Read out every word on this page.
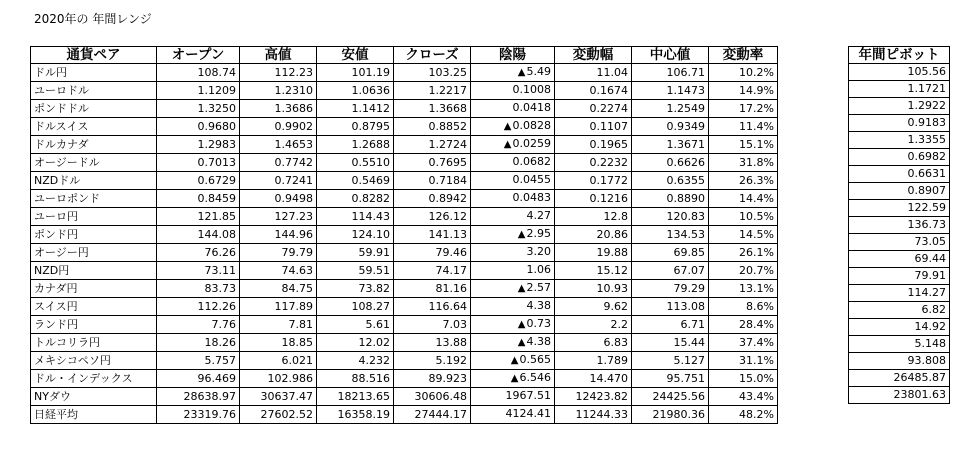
2020年の 年間レンジ
通貨ペア	オープン	高値	安値	クローズ	陰陽	変動幅	中心値	変動率
ドル円	108.74	112.23	101.19	103.25	▲5.49	11.04	106.71	10.2%
ユーロドル	1.1209	1.2310	1.0636	1.2217	0.1008	0.1674	1.1473	14.9%
ポンドドル	1.3250	1.3686	1.1412	1.3668	0.0418	0.2274	1.2549	17.2%
ドルスイス	0.9680	0.9902	0.8795	0.8852	▲0.0828	0.1107	0.9349	11.4%
ドルカナダ	1.2983	1.4653	1.2688	1.2724	▲0.0259	0.1965	1.3671	15.1%
オージードル	0.7013	0.7742	0.5510	0.7695	0.0682	0.2232	0.6626	31.8%
NZDドル	0.6729	0.7241	0.5469	0.7184	0.0455	0.1772	0.6355	26.3%
ユーロポンド	0.8459	0.9498	0.8282	0.8942	0.0483	0.1216	0.8890	14.4%
ユーロ円	121.85	127.23	114.43	126.12	4.27	12.8	120.83	10.5%
ポンド円	144.08	144.96	124.10	141.13	▲2.95	20.86	134.53	14.5%
オージー円	76.26	79.79	59.91	79.46	3.20	19.88	69.85	26.1%
NZD円	73.11	74.63	59.51	74.17	1.06	15.12	67.07	20.7%
カナダ円	83.73	84.75	73.82	81.16	▲2.57	10.93	79.29	13.1%
スイス円	112.26	117.89	108.27	116.64	4.38	9.62	113.08	8.6%
ランド円	7.76	7.81	5.61	7.03	▲0.73	2.2	6.71	28.4%
トルコリラ円	18.26	18.85	12.02	13.88	▲4.38	6.83	15.44	37.4%
メキシコペソ円	5.757	6.021	4.232	5.192	▲0.565	1.789	5.127	31.1%
ドル・インデックス	96.469	102.986	88.516	89.923	▲6.546	14.470	95.751	15.0%
NYダウ	28638.97	30637.47	18213.65	30606.48	1967.51	12423.82	24425.56	43.4%
日経平均	23319.76	27602.52	16358.19	27444.17	4124.41	11244.33	21980.36	48.2%
年間ピボット
105.56
1.1721
1.2922
0.9183
1.3355
0.6982
0.6631
0.8907
122.59
136.73
73.05
69.44
79.91
114.27
6.82
14.92
5.148
93.808
26485.87
23801.63
